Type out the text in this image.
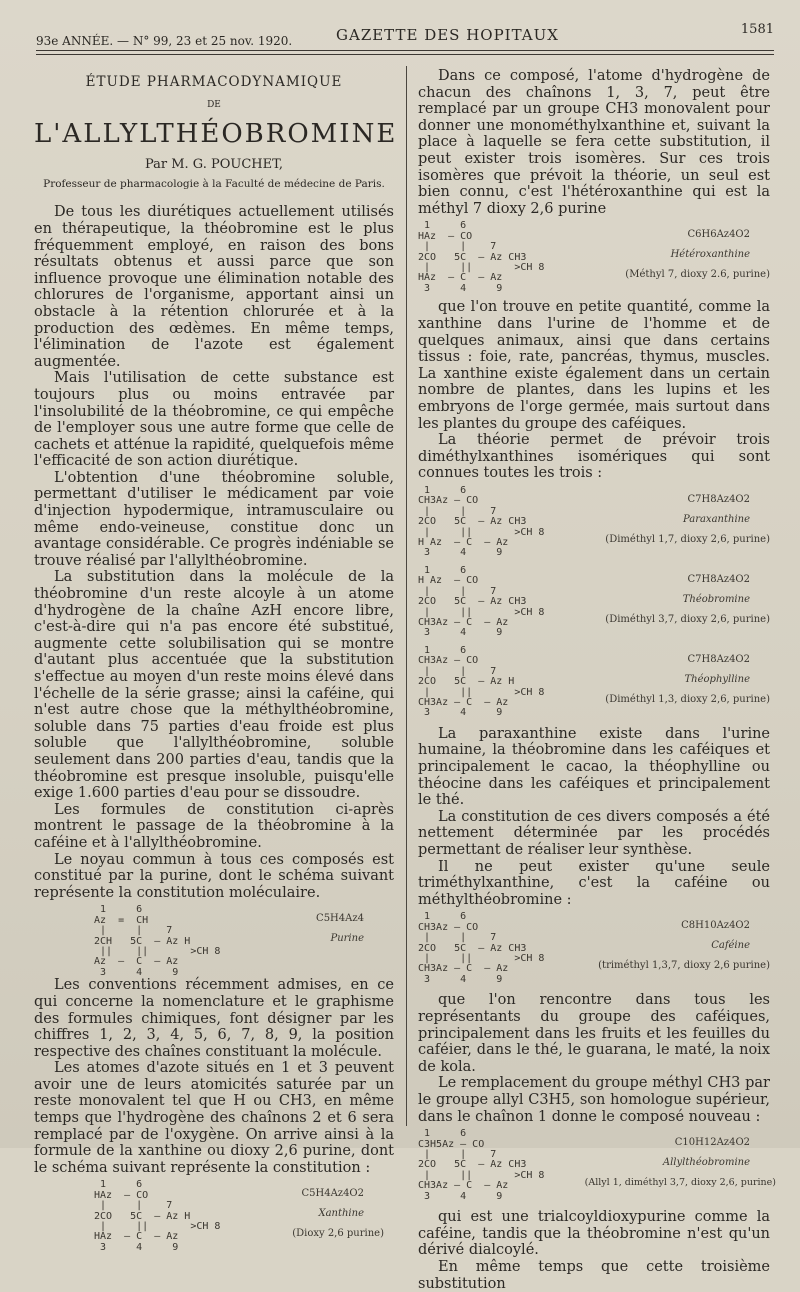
93e ANNÉE. — N° 99, 23 et 25 nov. 1920.	GAZETTE DES HOPITAUX	1581
ÉTUDE PHARMACODYNAMIQUE
DE
L'ALLYLTHÉOBROMINE
Par M. G. POUCHET,
Professeur de pharmacologie à la Faculté de médecine de Paris.

De tous les diurétiques actuellement utilisés en thérapeutique, la théobromine est le plus fréquemment employé, en raison des bons résultats obtenus et aussi parce que son influence provoque une élimination notable des chlorures de l'organisme, apportant ainsi un obstacle à la rétention chlorurée et à la production des œdèmes. En même temps, l'élimination de l'azote est également augmentée.

Mais l'utilisation de cette substance est toujours plus ou moins entravée par l'insolubilité de la théobromine, ce qui empêche de l'employer sous une autre forme que celle de cachets et atténue la rapidité, quelquefois même l'efficacité de son action diurétique.

L'obtention d'une théobromine soluble, permettant d'utiliser le médicament par voie d'injection hypodermique, intramusculaire ou même endo-veineuse, constitue donc un avantage considérable. Ce progrès indéniable se trouve réalisé par l'allylthéobromine.

La substitution dans la molécule de la théobromine d'un reste alcoyle à un atome d'hydrogène de la chaîne AzH encore libre, c'est-à-dire qui n'a pas encore été substitué, augmente cette solubilisation qui se montre d'autant plus accentuée que la substitution s'effectue au moyen d'un reste moins élevé dans l'échelle de la série grasse; ainsi la caféine, qui n'est autre chose que la méthylthéobromine, soluble dans 75 parties d'eau froide est plus soluble que l'allylthéobromine, soluble seulement dans 200 parties d'eau, tandis que la théobromine est presque insoluble, puisqu'elle exige 1.600 parties d'eau pour se dissoudre.

Les formules de constitution ci-après montrent le passage de la théobromine à la caféine et à l'allylthéobromine.

Le noyau commun à tous ces composés est constitué par la purine, dont le schéma suivant représente la constitution moléculaire.

1     6
Az  =  CH
|     |    7
2CH   5C  — Az H
||    ||       >CH 8
Az  —  C  — Az
3     4     9
C5H4Az4
Purine

Les conventions récemment admises, en ce qui concerne la nomenclature et le graphisme des formules chimiques, font désigner par les chiffres 1, 2, 3, 4, 5, 6, 7, 8, 9, la position respective des chaînes constituant la molécule.

Les atomes d'azote situés en 1 et 3 peuvent avoir une de leurs atomicités saturée par un reste monovalent tel que H ou CH3, en même temps que l'hydrogène des chaînons 2 et 6 sera remplacé par de l'oxygène. On arrive ainsi à la formule de la xanthine ou dioxy 2,6 purine, dont le schéma suivant représente la constitution :

1     6
HAz  — CO
|     |    7
2CO   5C  — Az H
|     ||       >CH 8
HAz  — C  — Az
3     4     9
C5H4Az4O2
Xanthine
(Dioxy 2,6 purine)

Dans ce composé, l'atome d'hydrogène de chacun des chaînons 1, 3, 7, peut être remplacé par un groupe CH3 monovalent pour donner une monométhylxanthine et, suivant la place à laquelle se fera cette substitution, il peut exister trois isomères. Sur ces trois isomères que prévoit la théorie, un seul est bien connu, c'est l'hétéroxanthine qui est la méthyl 7 dioxy 2,6 purine

1     6
HAz  — CO
|     |    7
2CO   5C  — Az CH3
|     ||       >CH 8
HAz  — C  — Az
3     4     9
C6H6Az4O2
Hétéroxanthine
(Méthyl 7, dioxy 2.6, purine)

que l'on trouve en petite quantité, comme la xanthine dans l'urine de l'homme et de quelques animaux, ainsi que dans certains tissus : foie, rate, pancréas, thymus, muscles. La xanthine existe également dans un certain nombre de plantes, dans les lupins et les embryons de l'orge germée, mais surtout dans les plantes du groupe des caféiques.

La théorie permet de prévoir trois diméthylxanthines isomériques qui sont connues toutes les trois :

1     6
CH3Az — CO
|     |    7
2CO   5C  — Az CH3
|     ||       >CH 8
H Az  — C  — Az
3     4     9
C7H8Az4O2
Paraxanthine
(Diméthyl 1,7, dioxy 2,6, purine)
1     6
H Az  — CO
|     |    7
2CO   5C  — Az CH3
|     ||       >CH 8
CH3Az — C  — Az
3     4     9
C7H8Az4O2
Théobromine
(Diméthyl 3,7, dioxy 2,6, purine)
1     6
CH3Az — CO
|     |    7
2CO   5C  — Az H
|     ||       >CH 8
CH3Az — C  — Az
3     4     9
C7H8Az4O2
Théophylline
(Diméthyl 1,3, dioxy 2,6, purine)

La paraxanthine existe dans l'urine humaine, la théobromine dans les caféiques et principalement le cacao, la théophylline ou théocine dans les caféiques et principalement le thé.

La constitution de ces divers composés a été nettement déterminée par les procédés permettant de réaliser leur synthèse.

Il ne peut exister qu'une seule triméthylxanthine, c'est la caféine ou méthylthéobromine :

1     6
CH3Az — CO
|     |    7
2CO   5C  — Az CH3
|     ||       >CH 8
CH3Az — C  — Az
3     4     9
C8H10Az4O2
Caféine
(triméthyl 1,3,7, dioxy 2,6 purine)

que l'on rencontre dans tous les représentants du groupe des caféiques, principalement dans les fruits et les feuilles du caféier, dans le thé, le guarana, le maté, la noix de kola.

Le remplacement du groupe méthyl CH3 par le groupe allyl C3H5, son homologue supérieur, dans le chaînon 1 donne le composé nouveau :

1     6
C3H5Az — CO
|     |    7
2CO   5C  — Az CH3
|     ||       >CH 8
CH3Az — C  — Az
3     4     9
C10H12Az4O2
Allylthéobromine
(Allyl 1, diméthyl 3,7, dioxy 2,6, purine)

qui est une trialcoyldioxypurine comme la caféine, tandis que la théobromine n'est qu'un dérivé dialcoylé.

En même temps que cette troisième substitution
